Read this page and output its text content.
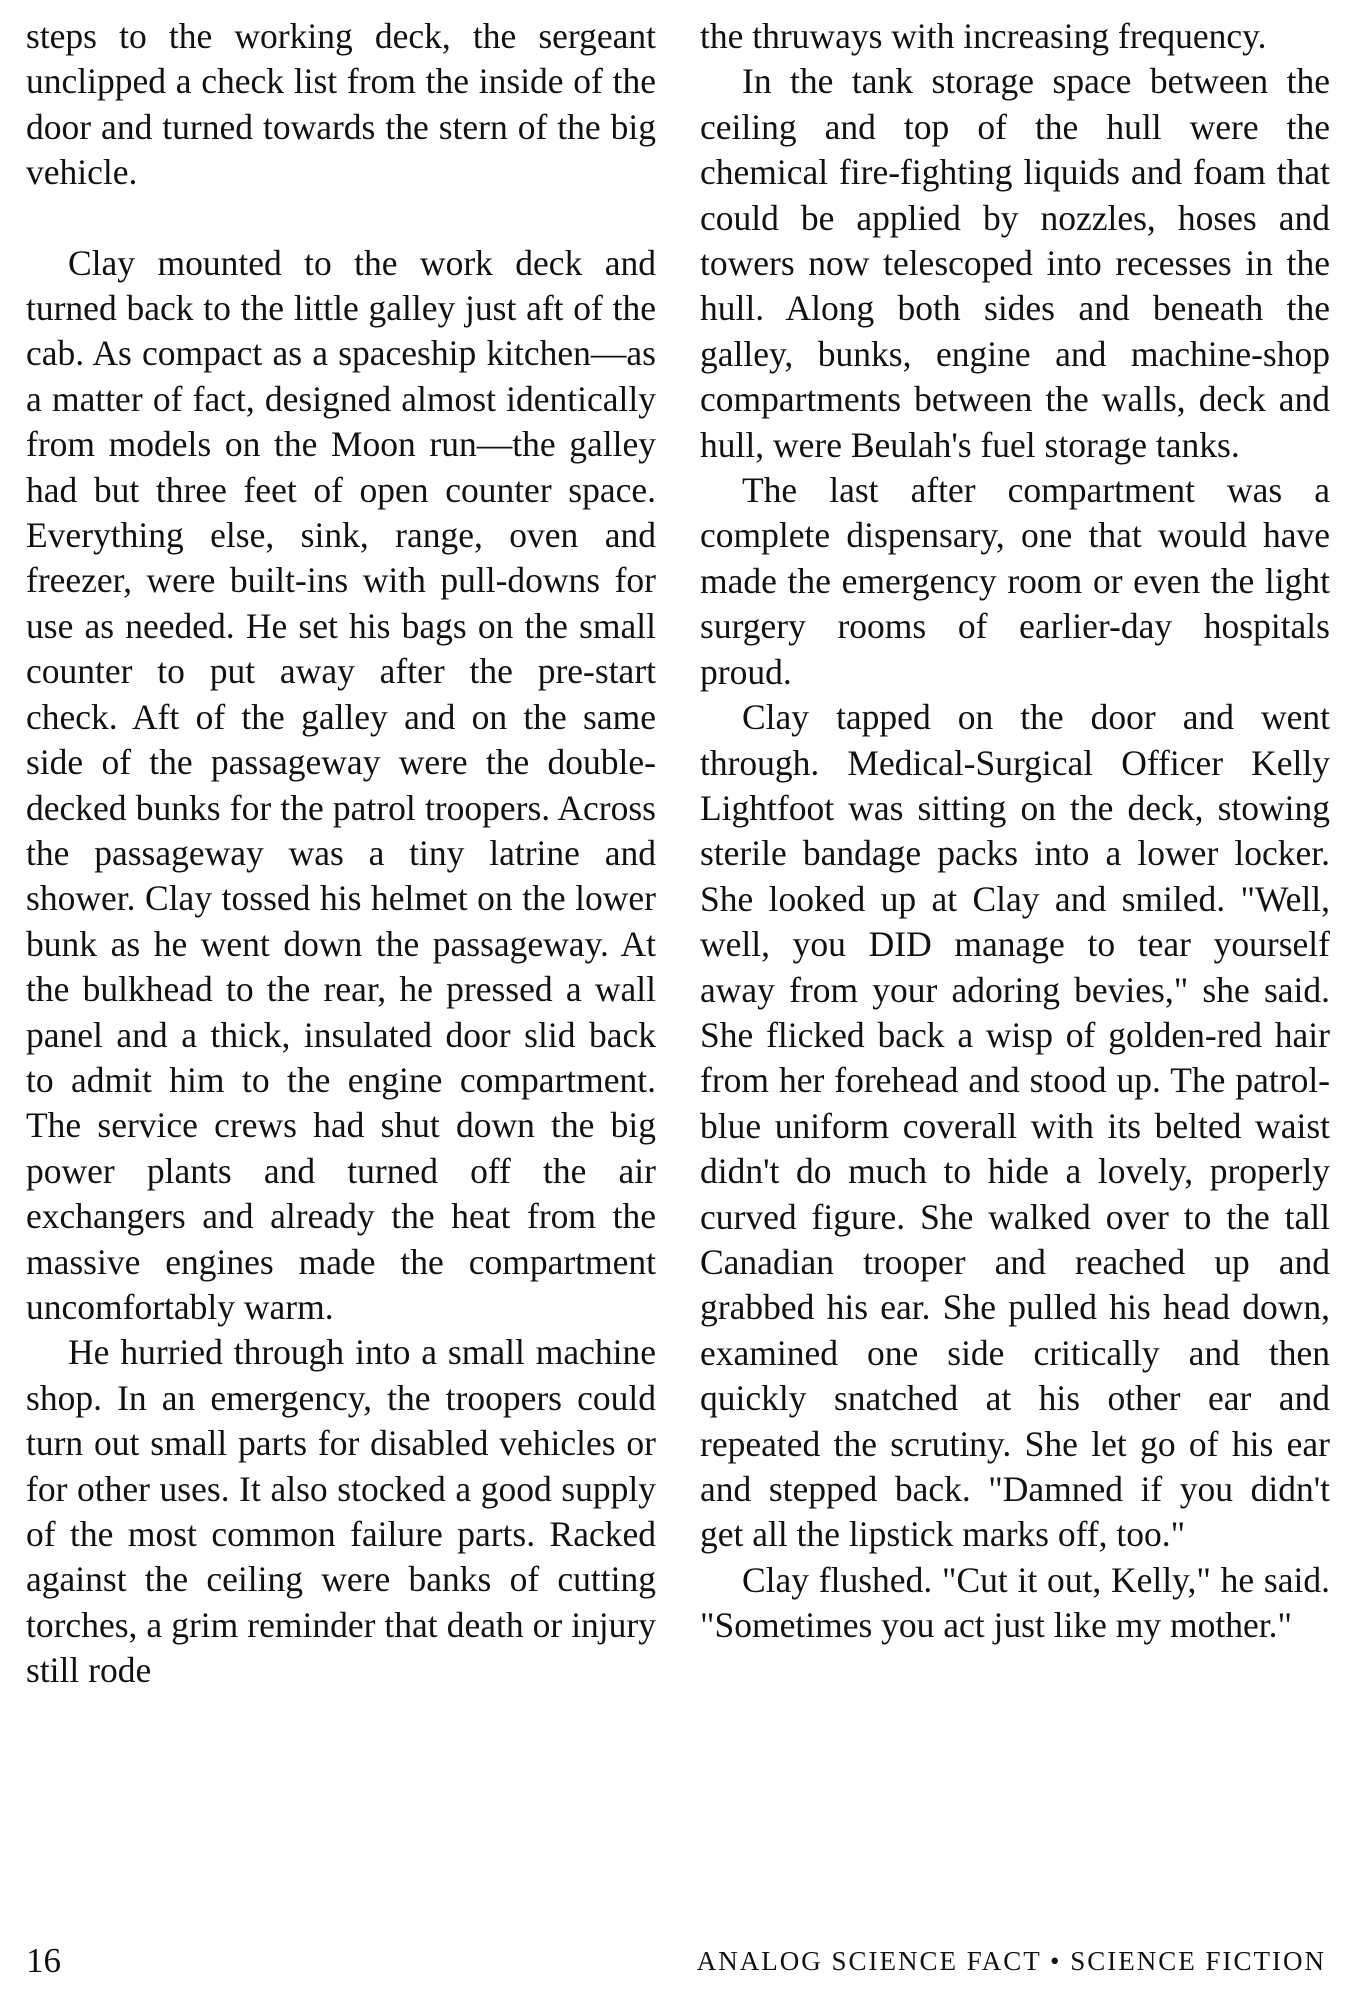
steps to the working deck, the sergeant unclipped a check list from the inside of the door and turned towards the stern of the big vehicle.

Clay mounted to the work deck and turned back to the little galley just aft of the cab. As compact as a spaceship kitchen—as a matter of fact, designed almost identically from models on the Moon run—the galley had but three feet of open counter space. Everything else, sink, range, oven and freezer, were built-ins with pull-downs for use as needed. He set his bags on the small counter to put away after the pre-start check. Aft of the galley and on the same side of the passageway were the double-decked bunks for the patrol troopers. Across the passageway was a tiny latrine and shower. Clay tossed his helmet on the lower bunk as he went down the passageway. At the bulkhead to the rear, he pressed a wall panel and a thick, insulated door slid back to admit him to the engine compartment. The service crews had shut down the big power plants and turned off the air exchangers and already the heat from the massive engines made the compartment uncomfortably warm.

He hurried through into a small machine shop. In an emergency, the troopers could turn out small parts for disabled vehicles or for other uses. It also stocked a good supply of the most common failure parts. Racked against the ceiling were banks of cutting torches, a grim reminder that death or injury still rode

the thruways with increasing frequency.

In the tank storage space between the ceiling and top of the hull were the chemical fire-fighting liquids and foam that could be applied by nozzles, hoses and towers now telescoped into recesses in the hull. Along both sides and beneath the galley, bunks, engine and machine-shop compartments between the walls, deck and hull, were Beulah's fuel storage tanks.

The last after compartment was a complete dispensary, one that would have made the emergency room or even the light surgery rooms of earlier-day hospitals proud.

Clay tapped on the door and went through. Medical-Surgical Officer Kelly Lightfoot was sitting on the deck, stowing sterile bandage packs into a lower locker. She looked up at Clay and smiled. "Well, well, you DID manage to tear yourself away from your adoring bevies," she said. She flicked back a wisp of golden-red hair from her forehead and stood up. The patrol-blue uniform coverall with its belted waist didn't do much to hide a lovely, properly curved figure. She walked over to the tall Canadian trooper and reached up and grabbed his ear. She pulled his head down, examined one side critically and then quickly snatched at his other ear and repeated the scrutiny. She let go of his ear and stepped back. "Damned if you didn't get all the lipstick marks off, too."

Clay flushed. "Cut it out, Kelly," he said. "Sometimes you act just like my mother."

16	ANALOG SCIENCE FACT • SCIENCE FICTION
